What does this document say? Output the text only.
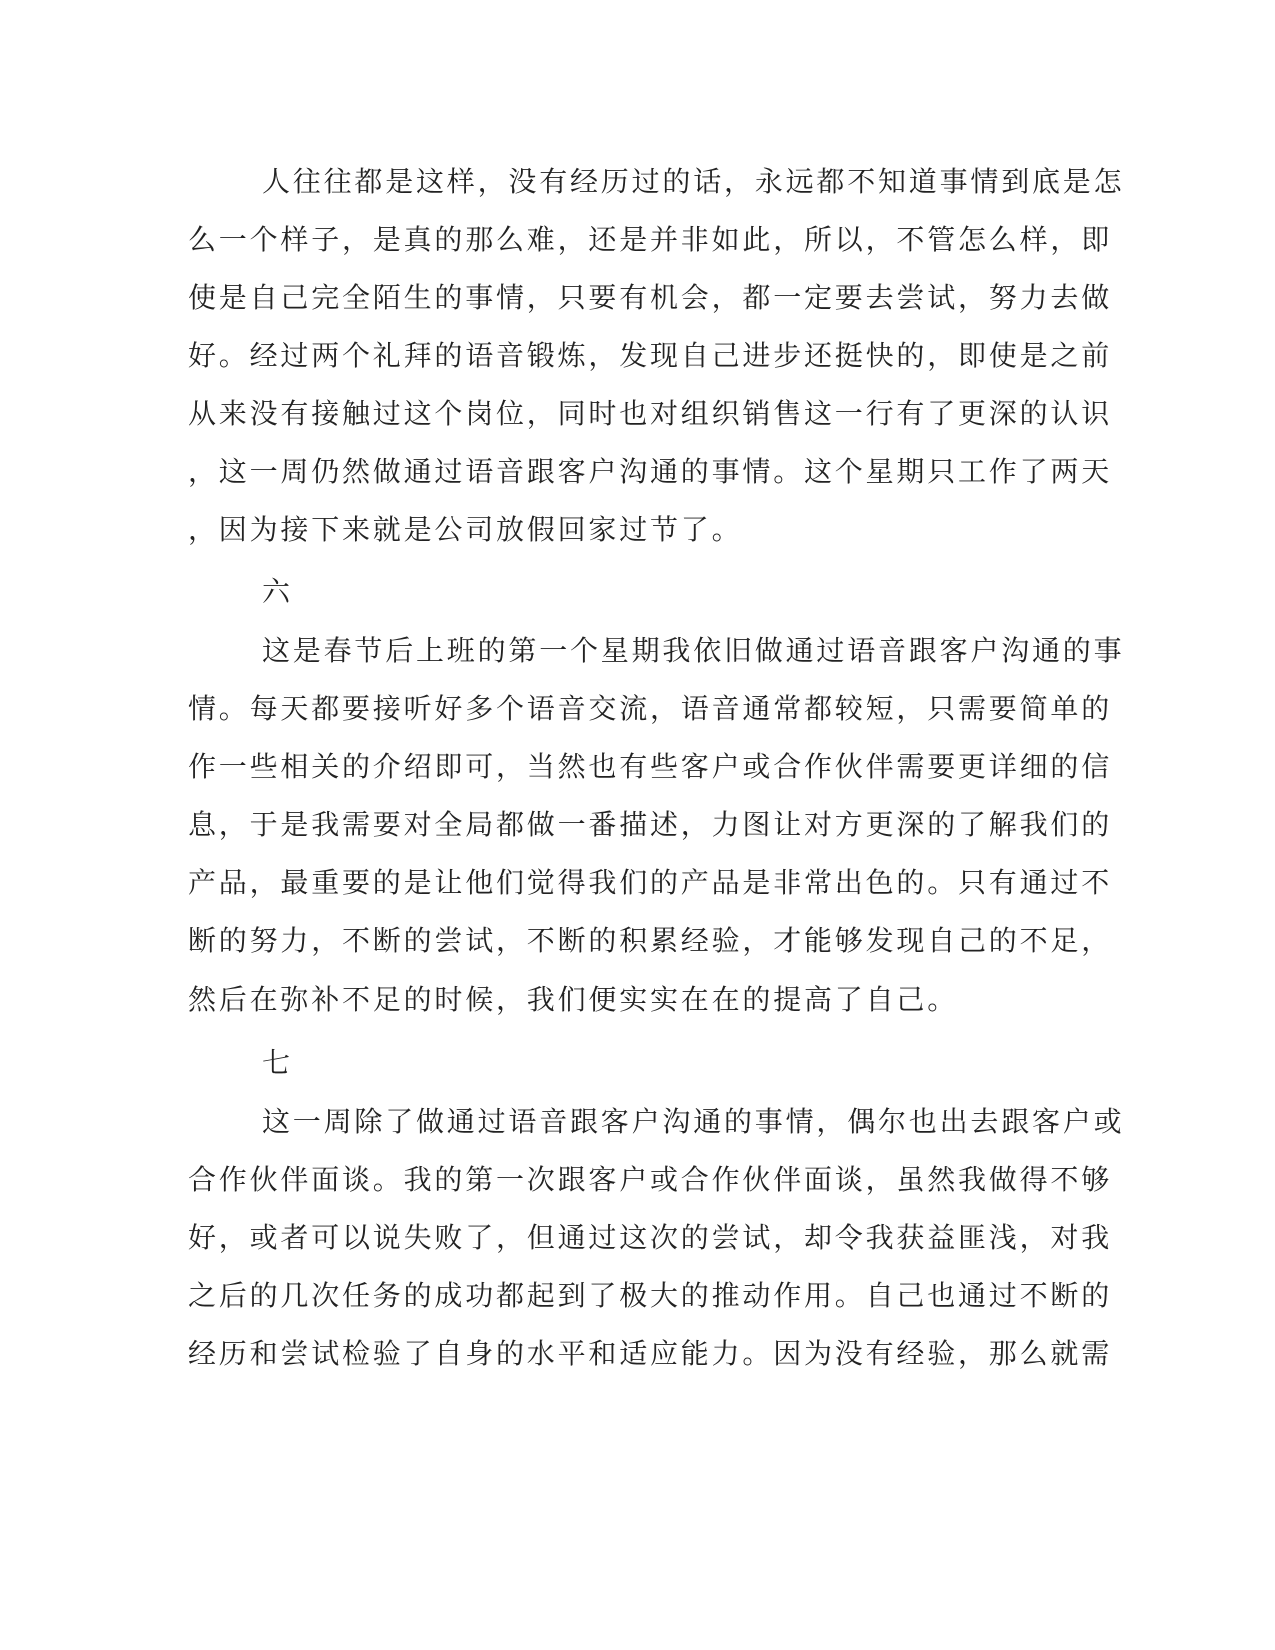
人往往都是这样，没有经历过的话，永远都不知道事情到底是怎
么一个样子，是真的那么难，还是并非如此，所以，不管怎么样，即
使是自己完全陌生的事情，只要有机会，都一定要去尝试，努力去做
好。经过两个礼拜的语音锻炼，发现自己进步还挺快的，即使是之前
从来没有接触过这个岗位，同时也对组织销售这一行有了更深的认识
，这一周仍然做通过语音跟客户沟通的事情。这个星期只工作了两天
，因为接下来就是公司放假回家过节了。
六
这是春节后上班的第一个星期我依旧做通过语音跟客户沟通的事
情。每天都要接听好多个语音交流，语音通常都较短，只需要简单的
作一些相关的介绍即可，当然也有些客户或合作伙伴需要更详细的信
息，于是我需要对全局都做一番描述，力图让对方更深的了解我们的
产品，最重要的是让他们觉得我们的产品是非常出色的。只有通过不
断的努力，不断的尝试，不断的积累经验，才能够发现自己的不足，
然后在弥补不足的时候，我们便实实在在的提高了自己。
七
这一周除了做通过语音跟客户沟通的事情，偶尔也出去跟客户或
合作伙伴面谈。我的第一次跟客户或合作伙伴面谈，虽然我做得不够
好，或者可以说失败了，但通过这次的尝试，却令我获益匪浅，对我
之后的几次任务的成功都起到了极大的推动作用。自己也通过不断的
经历和尝试检验了自身的水平和适应能力。因为没有经验，那么就需
